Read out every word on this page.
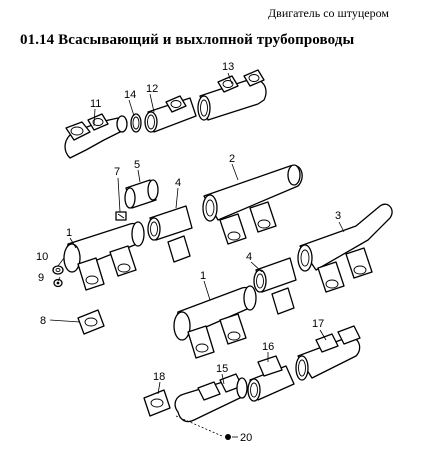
Двигатель со штуцером
01.14 Всасывающий и выхлопной трубопроводы
11
14 12
13
7
5	2
4
3
1
10
9
8
1
4
17
16
15
18
20
